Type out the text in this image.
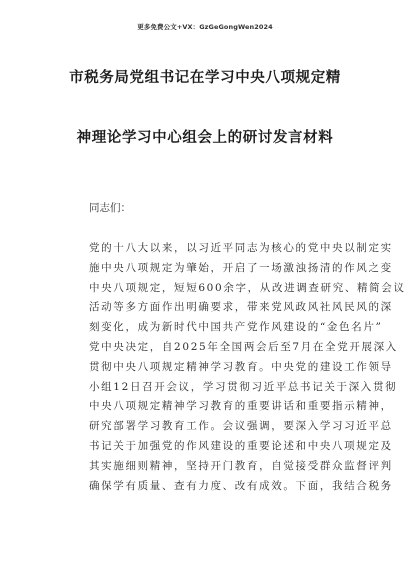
更多免费公文+VX：GzGeGongWen2024
市税务局党组书记在学习中央八项规定精
神理论学习中心组会上的研讨发言材料
同志们：
党的十八大以来，以习近平同志为核心的党中央以制定实
施中央八项规定为肇始，开启了一场激浊扬清的作风之变
中央八项规定，短短600余字，从改进调查研究、精简会议
活动等多方面作出明确要求，带来党风政风社风民风的深
刻变化，成为新时代中国共产党作风建设的“金色名片”
党中央决定，自2025年全国两会后至7月在全党开展深入
贯彻中央八项规定精神学习教育。中央党的建设工作领导
小组12日召开会议，学习贯彻习近平总书记关于深入贯彻
中央八项规定精神学习教育的重要讲话和重要指示精神，
研究部署学习教育工作。会议强调，要深入学习习近平总
书记关于加强党的作风建设的重要论述和中央八项规定及
其实施细则精神，坚持开门教育，自觉接受群众监督评判
确保学有质量、查有力度、改有成效。下面，我结合税务
